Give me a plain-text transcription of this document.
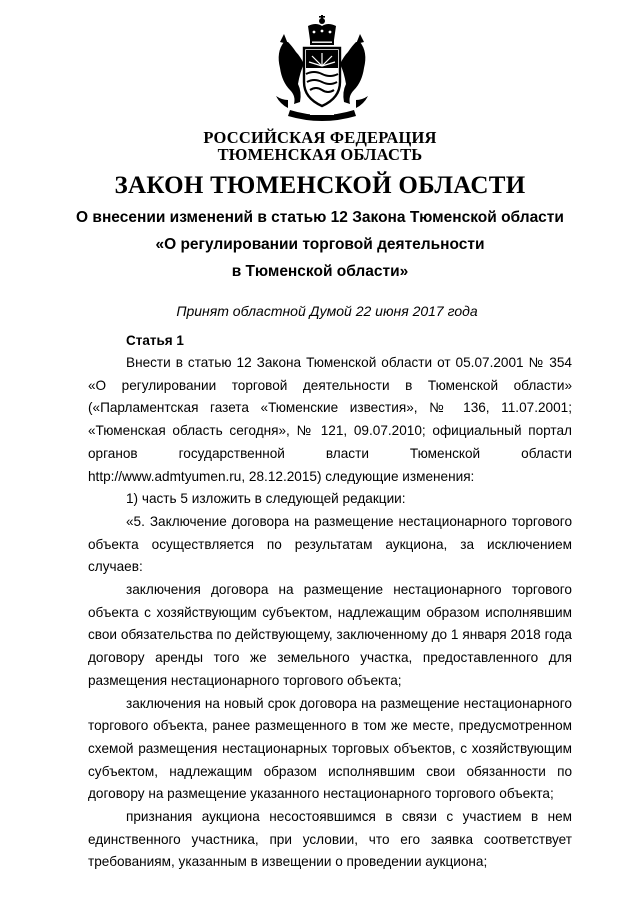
РОССИЙСКАЯ ФЕДЕРАЦИЯ
ТЮМЕНСКАЯ ОБЛАСТЬ
ЗАКОН ТЮМЕНСКОЙ ОБЛАСТИ
О внесении изменений в статью 12 Закона Тюменской области
«О регулировании торговой деятельности
в Тюменской области»
Принят областной Думой 22 июня 2017 года
Статья 1

Внести в статью 12 Закона Тюменской области от 05.07.2001 № 354 «О регулировании торговой деятельности в Тюменской области» («Парламентская газета «Тюменские известия», № 136, 11.07.2001; «Тюменская область сегодня», № 121, 09.07.2010; официальный портал органов государственной власти Тюменской области http://www.admtyumen.ru, 28.12.2015) следующие изменения:

1) часть 5 изложить в следующей редакции:

«5. Заключение договора на размещение нестационарного торгового объекта осуществляется по результатам аукциона, за исключением случаев:

заключения договора на размещение нестационарного торгового объекта с хозяйствующим субъектом, надлежащим образом исполнявшим свои обязательства по действующему, заключенному до 1 января 2018 года договору аренды того же земельного участка, предоставленного для размещения нестационарного торгового объекта;

заключения на новый срок договора на размещение нестационарного торгового объекта, ранее размещенного в том же месте, предусмотренном схемой размещения нестационарных торговых объектов, с хозяйствующим субъектом, надлежащим образом исполнявшим свои обязанности по договору на размещение указанного нестационарного торгового объекта;

признания аукциона несостоявшимся в связи с участием в нем единственного участника, при условии, что его заявка соответствует требованиям, указанным в извещении о проведении аукциона;
